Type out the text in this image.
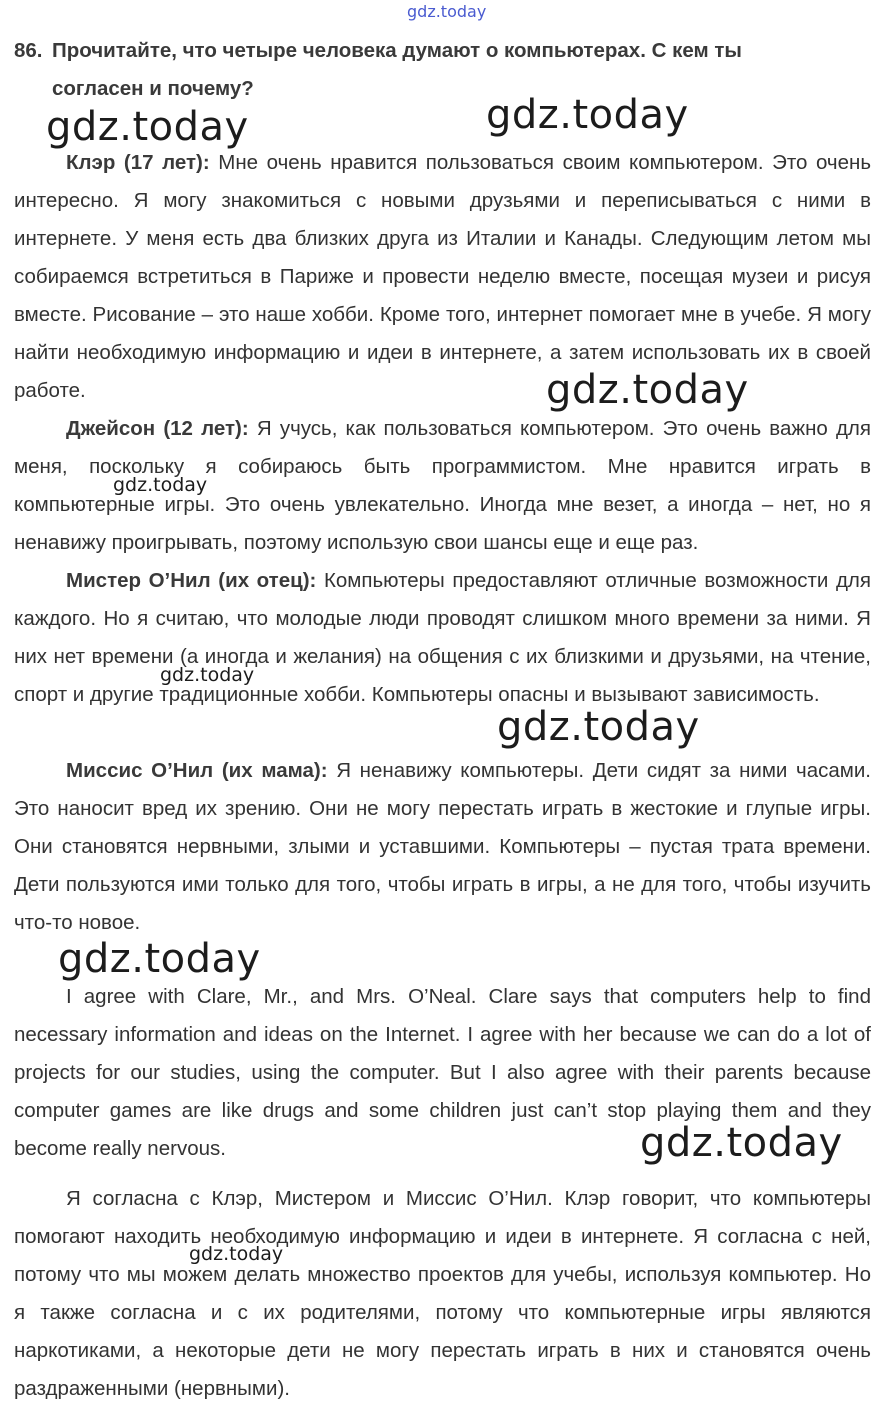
gdz.today
86. Прочитайте, что четыре человека думают о компьютерах. С кем ты
согласен и почему?
Клэр (17 лет): Мне очень нравится пользоваться своим компьютером. Это очень интересно. Я могу знакомиться с новыми друзьями и переписываться с ними в интернете. У меня есть два близких друга из Италии и Канады. Следующим летом мы собираемся встретиться в Париже и провести неделю вместе, посещая музеи и рисуя вместе. Рисование – это наше хобби. Кроме того, интернет помогает мне в учебе. Я могу найти необходимую информацию и идеи в интернете, а затем использовать их в своей работе.
Джейсон (12 лет): Я учусь, как пользоваться компьютером. Это очень важно для меня, поскольку я собираюсь быть программистом. Мне нравится играть в компьютерные игры. Это очень увлекательно. Иногда мне везет, а иногда – нет, но я ненавижу проигрывать, поэтому использую свои шансы еще и еще раз.
Мистер О’Нил (их отец): Компьютеры предоставляют отличные возможности для каждого. Но я считаю, что молодые люди проводят слишком много времени за ними. Я них нет времени (а иногда и желания) на общения с их близкими и друзьями, на чтение, спорт и другие традиционные хобби. Компьютеры опасны и вызывают зависимость.
Миссис О’Нил (их мама): Я ненавижу компьютеры. Дети сидят за ними часами. Это наносит вред их зрению. Они не могу перестать играть в жестокие и глупые игры. Они становятся нервными, злыми и уставшими. Компьютеры – пустая трата времени. Дети пользуются ими только для того, чтобы играть в игры, а не для того, чтобы изучить что-то новое.
I agree with Clare, Mr., and Mrs. O’Neal. Clare says that computers help to find necessary information and ideas on the Internet. I agree with her because we can do a lot of projects for our studies, using the computer. But I also agree with their parents because computer games are like drugs and some children just can’t stop playing them and they become really nervous.
Я согласна с Клэр, Мистером и Миссис О’Нил. Клэр говорит, что компьютеры помогают находить необходимую информацию и идеи в интернете. Я согласна с ней, потому что мы можем делать множество проектов для учебы, используя компьютер. Но я также согласна и с их родителями, потому что компьютерные игры являются наркотиками, а некоторые дети не могу перестать играть в них и становятся очень раздраженными (нервными).
gdz.today	gdz.today
gdz.today
gdz.today
gdz.today
gdz.today
gdz.today
gdz.today
gdz.today
